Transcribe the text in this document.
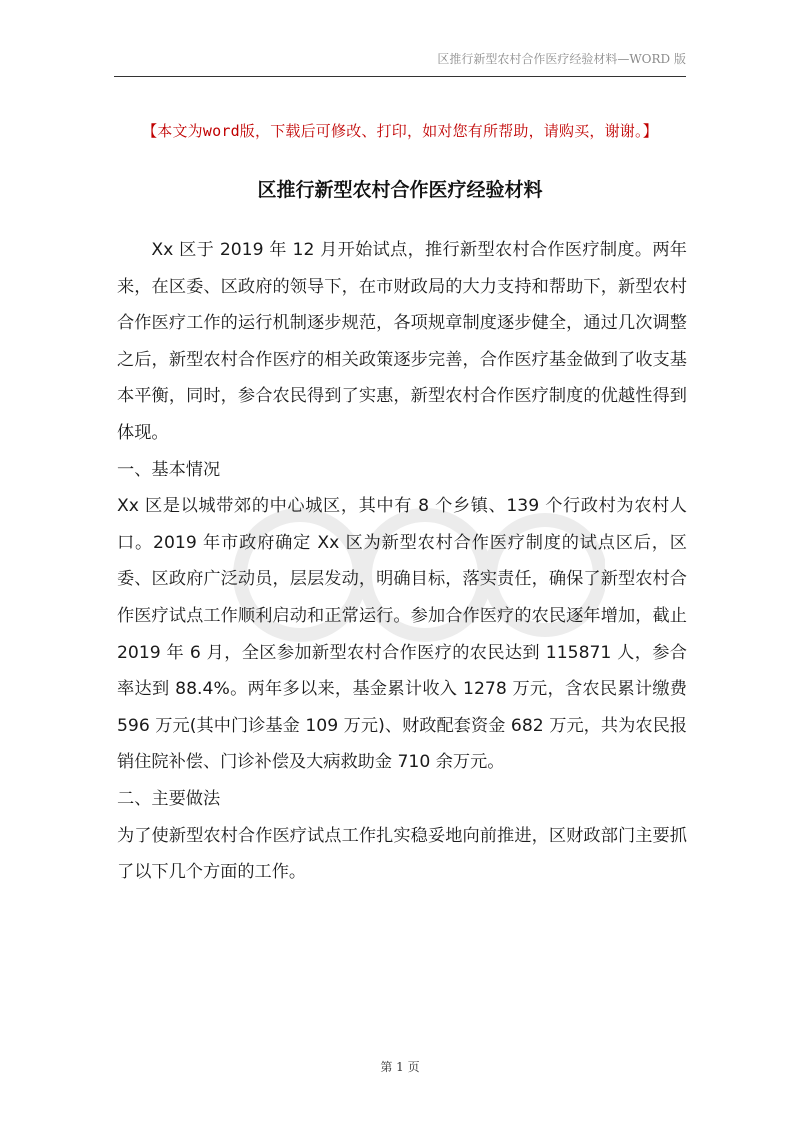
区推行新型农村合作医疗经验材料—WORD 版
【本文为word版，下载后可修改、打印，如对您有所帮助，请购买，谢谢。】
区推行新型农村合作医疗经验材料

Xx 区于 2019 年 12 月开始试点，推行新型农村合作医疗制度。两年来，在区委、区政府的领导下，在市财政局的大力支持和帮助下，新型农村合作医疗工作的运行机制逐步规范，各项规章制度逐步健全，通过几次调整之后，新型农村合作医疗的相关政策逐步完善，合作医疗基金做到了收支基本平衡，同时，参合农民得到了实惠，新型农村合作医疗制度的优越性得到体现。

一、基本情况

Xx 区是以城带郊的中心城区，其中有 8 个乡镇、139 个行政村为农村人口。2019 年市政府确定 Xx 区为新型农村合作医疗制度的试点区后，区委、区政府广泛动员，层层发动，明确目标，落实责任，确保了新型农村合作医疗试点工作顺利启动和正常运行。参加合作医疗的农民逐年增加，截止 2019 年 6 月，全区参加新型农村合作医疗的农民达到 115871 人，参合率达到 88.4%。两年多以来，基金累计收入 1278 万元，含农民累计缴费 596 万元(其中门诊基金 109 万元)、财政配套资金 682 万元，共为农民报销住院补偿、门诊补偿及大病救助金 710 余万元。

二、主要做法

为了使新型农村合作医疗试点工作扎实稳妥地向前推进，区财政部门主要抓了以下几个方面的工作。

第 1 页
